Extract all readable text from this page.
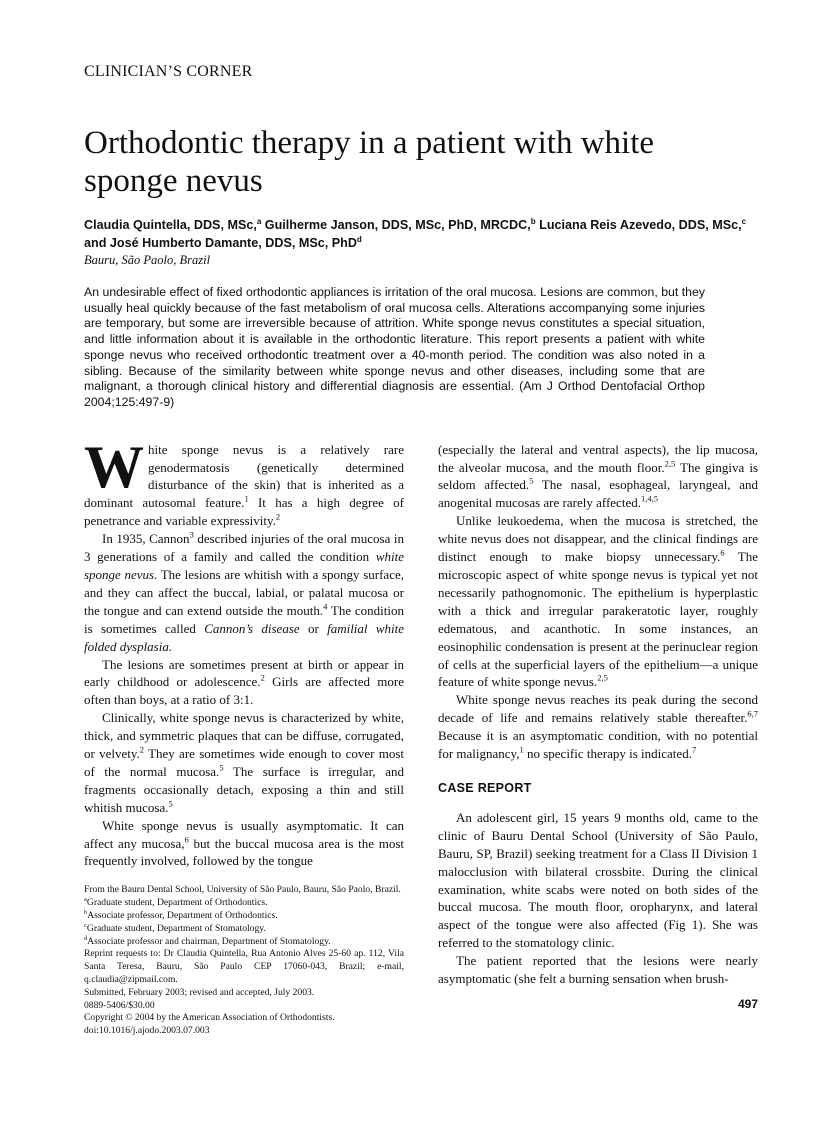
CLINICIAN’S CORNER
Orthodontic therapy in a patient with white sponge nevus
Claudia Quintella, DDS, MSc,$^a$ Guilherme Janson, DDS, MSc, PhD, MRCDC,$^b$ Luciana Reis Azevedo, DDS, MSc,$^c$ and José Humberto Damante, DDS, MSc, PhD$^d$
Bauru, São Paolo, Brazil
An undesirable effect of fixed orthodontic appliances is irritation of the oral mucosa. Lesions are common, but they usually heal quickly because of the fast metabolism of oral mucosa cells. Alterations accompanying some injuries are temporary, but some are irreversible because of attrition. White sponge nevus constitutes a special situation, and little information about it is available in the orthodontic literature. This report presents a patient with white sponge nevus who received orthodontic treatment over a 40-month period. The condition was also noted in a sibling. Because of the similarity between white sponge nevus and other diseases, including some that are malignant, a thorough clinical history and differential diagnosis are essential. (Am J Orthod Dentofacial Orthop 2004;125:497-9)
W hite sponge nevus is a relatively rare genodermatosis (genetically determined disturbance of the skin) that is inherited as a dominant autosomal feature.$^1$ It has a high degree of penetrance and variable expressivity.$^2$

In 1935, Cannon$^3$ described injuries of the oral mucosa in 3 generations of a family and called the condition white sponge nevus. The lesions are whitish with a spongy surface, and they can affect the buccal, labial, or palatal mucosa or the tongue and can extend outside the mouth.$^4$ The condition is sometimes called Cannon’s disease or familial white folded dysplasia.

The lesions are sometimes present at birth or appear in early childhood or adolescence.$^2$ Girls are affected more often than boys, at a ratio of 3:1.

Clinically, white sponge nevus is characterized by white, thick, and symmetric plaques that can be diffuse, corrugated, or velvety.$^2$ They are sometimes wide enough to cover most of the normal mucosa.$^5$ The surface is irregular, and fragments occasionally detach, exposing a thin and still whitish mucosa.$^5$

White sponge nevus is usually asymptomatic. It can affect any mucosa,$^6$ but the buccal mucosa area is the most frequently involved, followed by the tongue

From the Bauru Dental School, University of São Paulo, Bauru, São Paolo, Brazil.
$^a$Graduate student, Department of Orthodontics.
$^b$Associate professor, Department of Orthodontics.
$^c$Graduate student, Department of Stomatology.
$^d$Associate professor and chairman, Department of Stomatology.
Reprint requests to: Dr Claudia Quintella, Rua Antonio Alves 25-60 ap. 112, Vila Santa Teresa, Bauru, São Paulo CEP 17060-043, Brazil; e-mail, q.claudia@zipmail.com.
Submitted, February 2003; revised and accepted, July 2003.
0889-5406/$30.00
Copyright © 2004 by the American Association of Orthodontists.
doi:10.1016/j.ajodo.2003.07.003

(especially the lateral and ventral aspects), the lip mucosa, the alveolar mucosa, and the mouth floor.$^{2,5}$ The gingiva is seldom affected.$^5$ The nasal, esophageal, laryngeal, and anogenital mucosas are rarely affected.$^{1,4,5}$

Unlike leukoedema, when the mucosa is stretched, the white nevus does not disappear, and the clinical findings are distinct enough to make biopsy unnecessary.$^6$ The microscopic aspect of white sponge nevus is typical yet not necessarily pathognomonic. The epithelium is hyperplastic with a thick and irregular parakeratotic layer, roughly edematous, and acanthotic. In some instances, an eosinophilic condensation is present at the perinuclear region of cells at the superficial layers of the epithelium—a unique feature of white sponge nevus.$^{2,5}$

White sponge nevus reaches its peak during the second decade of life and remains relatively stable thereafter.$^{6,7}$ Because it is an asymptomatic condition, with no potential for malignancy,$^1$ no specific therapy is indicated.$^7$

CASE REPORT

An adolescent girl, 15 years 9 months old, came to the clinic of Bauru Dental School (University of São Paulo, Bauru, SP, Brazil) seeking treatment for a Class II Division 1 malocclusion with bilateral crossbite. During the clinical examination, white scabs were noted on both sides of the buccal mucosa. The mouth floor, oropharynx, and lateral aspect of the tongue were also affected (Fig 1). She was referred to the stomatology clinic.

The patient reported that the lesions were nearly asymptomatic (she felt a burning sensation when brush-

497
